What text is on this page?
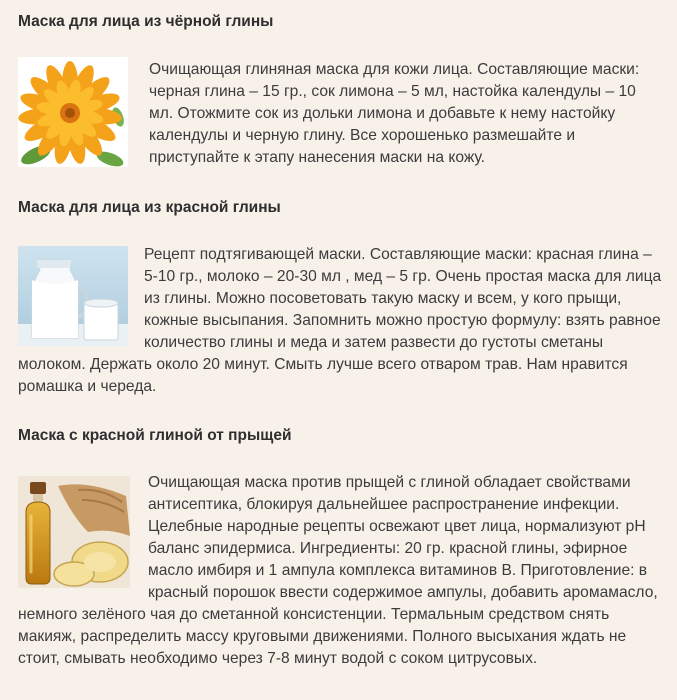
Маска для лица из чёрной глины
Очищающая глиняная маска для кожи лица. Составляющие маски: черная глина – 15 гр., сок лимона – 5 мл, настойка календулы – 10 мл. Отожмите сок из дольки лимона и добавьте к нему настойку календулы и черную глину. Все хорошенько размешайте и приступайте к этапу нанесения маски на кожу.
Маска для лица из красной глины
Рецепт подтягивающей маски. Составляющие маски: красная глина – 5-10 гр., молоко – 20-30 мл , мед – 5 гр. Очень простая маска для лица из глины. Можно посоветовать такую маску и всем, у кого прыщи, кожные высыпания. Запомнить можно простую формулу: взять равное количество глины и меда и затем развести до густоты сметаны молоком. Держать около 20 минут. Смыть лучше всего отваром трав. Нам нравится ромашка и череда.
Маска с красной глиной от прыщей
Очищающая маска против прыщей с глиной обладает свойствами антисептика, блокируя дальнейшее распространение инфекции. Целебные народные рецепты освежают цвет лица, нормализуют pH баланс эпидермиса. Ингредиенты: 20 гр. красной глины, эфирное масло имбиря и 1 ампула комплекса витаминов В. Приготовление: в красный порошок ввести содержимое ампулы, добавить аромамасло, немного зелёного чая до сметанной консистенции. Термальным средством снять макияж, распределить массу круговыми движениями. Полного высыхания ждать не стоит, смывать необходимо через 7-8 минут водой с соком цитрусовых.
